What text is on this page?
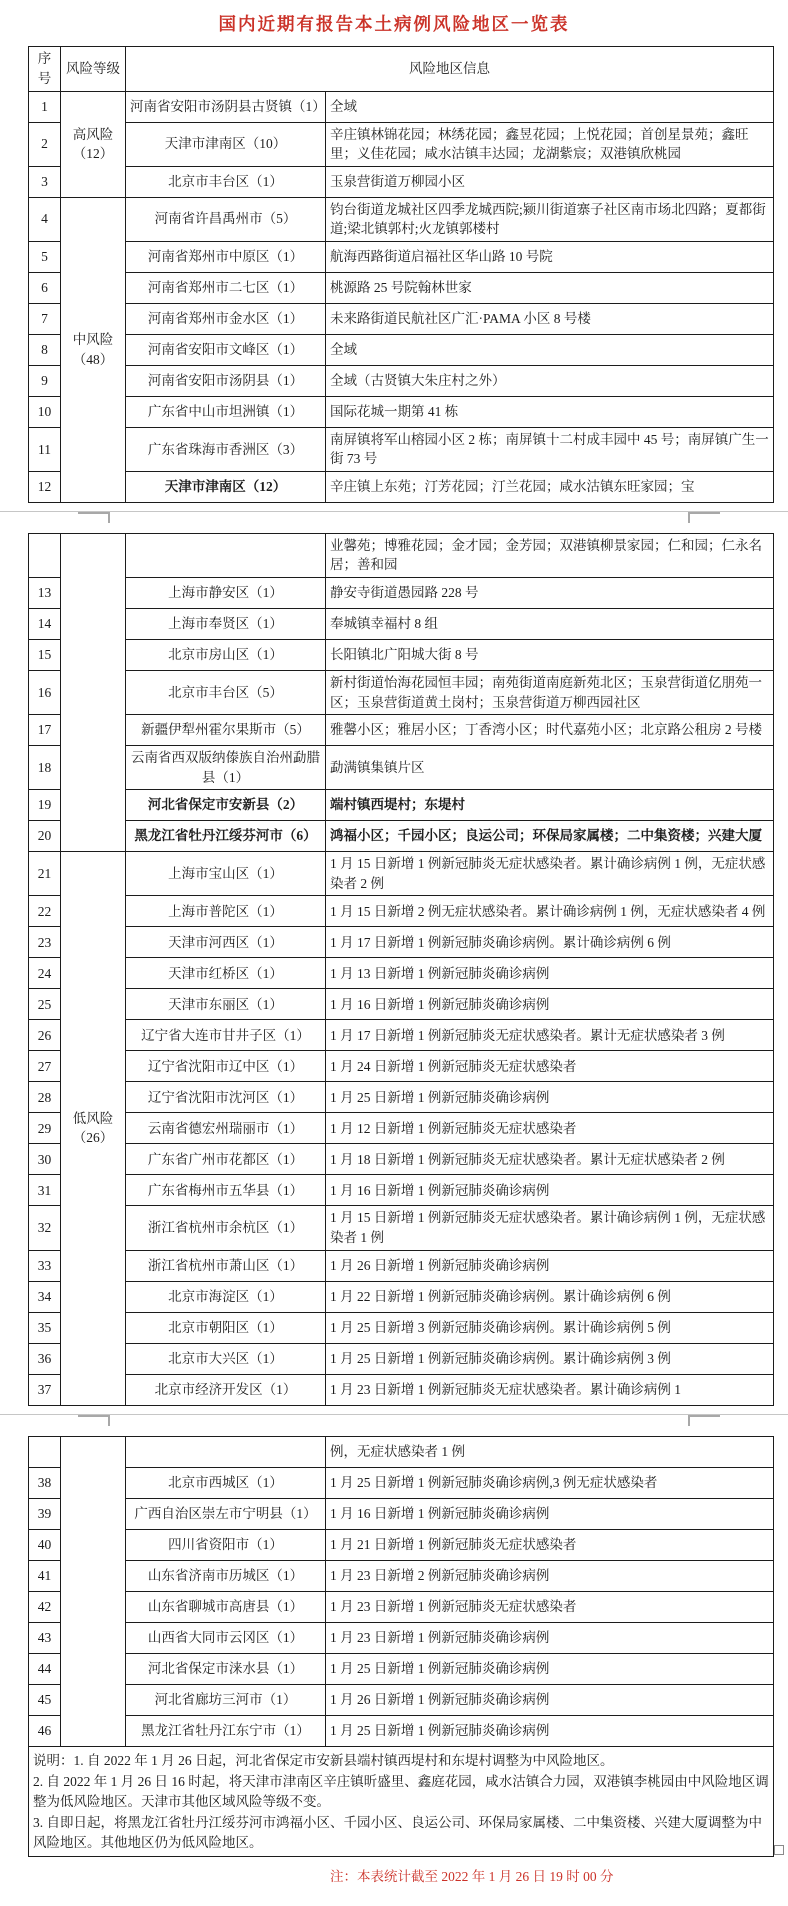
国内近期有报告本土病例风险地区一览表
序号	风险等级	风险地区信息	
1	高风险（12）	河南省安阳市汤阴县古贤镇（1）	全域
2		天津市津南区（10）	辛庄镇林锦花园；林绣花园；鑫昱花园；上悦花园；首创星景苑；鑫旺里；义佳花园；咸水沽镇丰达园；龙湖紫宸；双港镇欣桃园
3		北京市丰台区（1）	玉泉营街道万柳园小区
4	中风险（48）	河南省许昌禹州市（5）	钧台街道龙城社区四季龙城西院;颍川街道寨子社区南市场北四路；夏都街道;梁北镇郭村;火龙镇郭楼村
5		河南省郑州市中原区（1）	航海西路街道启福社区华山路 10 号院
6		河南省郑州市二七区（1）	桃源路 25 号院翰林世家
7		河南省郑州市金水区（1）	未来路街道民航社区广汇·PAMA 小区 8 号楼
8		河南省安阳市文峰区（1）	全域
9		河南省安阳市汤阴县（1）	全域（古贤镇大朱庄村之外）
10		广东省中山市坦洲镇（1）	国际花城一期第 41 栋
11		广东省珠海市香洲区（3）	南屏镇将军山榕园小区 2 栋；南屏镇十二村成丰园中 45 号；南屏镇广生一街 73 号
12		天津市津南区（12）	辛庄镇上东苑；汀芳花园；汀兰花园；咸水沽镇东旺家园；宝
			业馨苑；博雅花园；金才园；金芳园；双港镇柳景家园；仁和园；仁永名居；善和园
13		上海市静安区（1）	静安寺街道愚园路 228 号
14		上海市奉贤区（1）	奉城镇幸福村 8 组
15		北京市房山区（1）	长阳镇北广阳城大街 8 号
16		北京市丰台区（5）	新村街道怡海花园恒丰园；南苑街道南庭新苑北区；玉泉营街道亿朋苑一区；玉泉营街道黄土岗村；玉泉营街道万柳西园社区
17		新疆伊犁州霍尔果斯市（5）	雅馨小区；雅居小区；丁香湾小区；时代嘉苑小区；北京路公租房 2 号楼
18		云南省西双版纳傣族自治州勐腊县（1）	勐满镇集镇片区
19		河北省保定市安新县（2）	端村镇西堤村；东堤村
20		黑龙江省牡丹江绥芬河市（6）	鸿福小区；千园小区；良运公司；环保局家属楼；二中集资楼；兴建大厦
21	低风险（26）	上海市宝山区（1）	1 月 15 日新增 1 例新冠肺炎无症状感染者。累计确诊病例 1 例，无症状感染者 2 例
22		上海市普陀区（1）	1 月 15 日新增 2 例无症状感染者。累计确诊病例 1 例，无症状感染者 4 例
23		天津市河西区（1）	1 月 17 日新增 1 例新冠肺炎确诊病例。累计确诊病例 6 例
24		天津市红桥区（1）	1 月 13 日新增 1 例新冠肺炎确诊病例
25		天津市东丽区（1）	1 月 16 日新增 1 例新冠肺炎确诊病例
26		辽宁省大连市甘井子区（1）	1 月 17 日新增 1 例新冠肺炎无症状感染者。累计无症状感染者 3 例
27		辽宁省沈阳市辽中区（1）	1 月 24 日新增 1 例新冠肺炎无症状感染者
28		辽宁省沈阳市沈河区（1）	1 月 25 日新增 1 例新冠肺炎确诊病例
29		云南省德宏州瑞丽市（1）	1 月 12 日新增 1 例新冠肺炎无症状感染者
30		广东省广州市花都区（1）	1 月 18 日新增 1 例新冠肺炎无症状感染者。累计无症状感染者 2 例
31		广东省梅州市五华县（1）	1 月 16 日新增 1 例新冠肺炎确诊病例
32		浙江省杭州市余杭区（1）	1 月 15 日新增 1 例新冠肺炎无症状感染者。累计确诊病例 1 例，无症状感染者 1 例
33		浙江省杭州市萧山区（1）	1 月 26 日新增 1 例新冠肺炎确诊病例
34		北京市海淀区（1）	1 月 22 日新增 1 例新冠肺炎确诊病例。累计确诊病例 6 例
35		北京市朝阳区（1）	1 月 25 日新增 3 例新冠肺炎确诊病例。累计确诊病例 5 例
36		北京市大兴区（1）	1 月 25 日新增 1 例新冠肺炎确诊病例。累计确诊病例 3 例
37		北京市经济开发区（1）	1 月 23 日新增 1 例新冠肺炎无症状感染者。累计确诊病例 1
			例，无症状感染者 1 例
38		北京市西城区（1）	1 月 25 日新增 1 例新冠肺炎确诊病例,3 例无症状感染者
39		广西自治区崇左市宁明县（1）	1 月 16 日新增 1 例新冠肺炎确诊病例
40		四川省资阳市（1）	1 月 21 日新增 1 例新冠肺炎无症状感染者
41		山东省济南市历城区（1）	1 月 23 日新增 2 例新冠肺炎确诊病例
42		山东省聊城市高唐县（1）	1 月 23 日新增 1 例新冠肺炎无症状感染者
43		山西省大同市云冈区（1）	1 月 23 日新增 1 例新冠肺炎确诊病例
44		河北省保定市涞水县（1）	1 月 25 日新增 1 例新冠肺炎确诊病例
45		河北省廊坊三河市（1）	1 月 26 日新增 1 例新冠肺炎确诊病例
46		黑龙江省牡丹江东宁市（1）	1 月 25 日新增 1 例新冠肺炎确诊病例

说明：1. 自 2022 年 1 月 26 日起，河北省保定市安新县端村镇西堤村和东堤村调整为中风险地区。
2. 自 2022 年 1 月 26 日 16 时起，将天津市津南区辛庄镇昕盛里、鑫庭花园，咸水沽镇合力园，双港镇李桃园由中风险地区调整为低风险地区。天津市其他区域风险等级不变。
3. 自即日起，将黑龙江省牡丹江绥芬河市鸿福小区、千园小区、良运公司、环保局家属楼、二中集资楼、兴建大厦调整为中风险地区。其他地区仍为低风险地区。			
注：本表统计截至 2022 年 1 月 26 日 19 时 00 分
